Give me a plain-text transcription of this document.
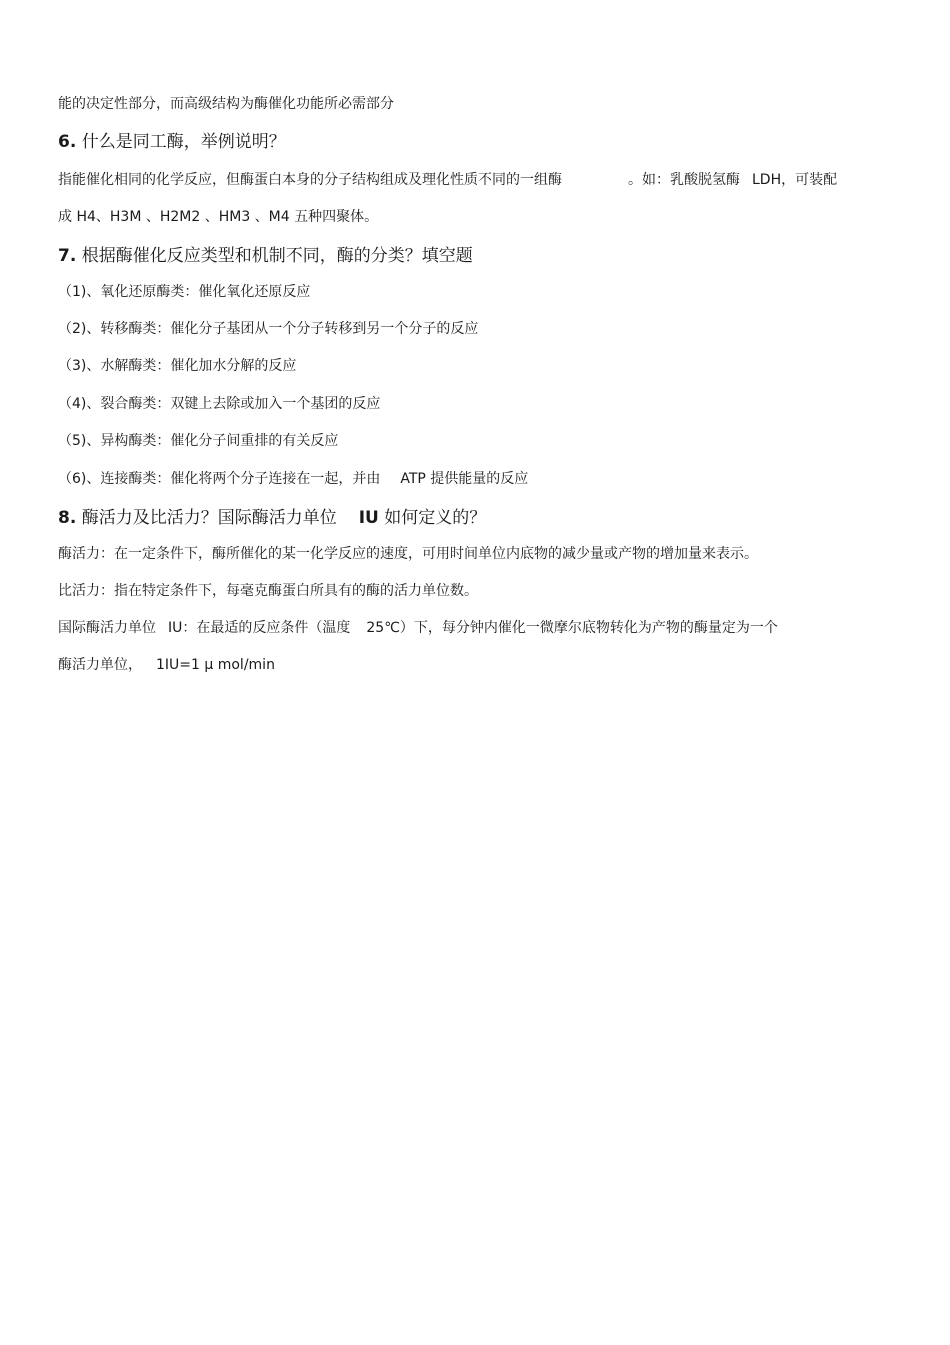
能的决定性部分，而高级结构为酶催化功能所必需部分
6. 什么是同工酶，举例说明？
指能催化相同的化学反应，但酶蛋白本身的分子结构组成及理化性质不同的一组酶	。如：乳酸脱氢酶 LDH，可装配
成 H4、H3M 、H2M2 、HM3 、M4 五种四聚体。
7. 根据酶催化反应类型和机制不同，酶的分类？填空题
（1)、氧化还原酶类：催化氧化还原反应
（2)、转移酶类：催化分子基团从一个分子转移到另一个分子的反应
（3)、水解酶类：催化加水分解的反应
（4)、裂合酶类：双键上去除或加入一个基团的反应
（5)、异构酶类：催化分子间重排的有关反应
（6)、连接酶类：催化将两个分子连接在一起，并由 ATP 提供能量的反应
8. 酶活力及比活力？国际酶活力单位 IU 如何定义的？
酶活力：在一定条件下，酶所催化的某一化学反应的速度，可用时间单位内底物的减少量或产物的增加量来表示。
比活力：指在特定条件下，每毫克酶蛋白所具有的酶的活力单位数。
国际酶活力单位 IU：在最适的反应条件（温度 25℃）下，每分钟内催化一微摩尔底物转化为产物的酶量定为一个
酶活力单位， 1IU=1 μ mol/min
